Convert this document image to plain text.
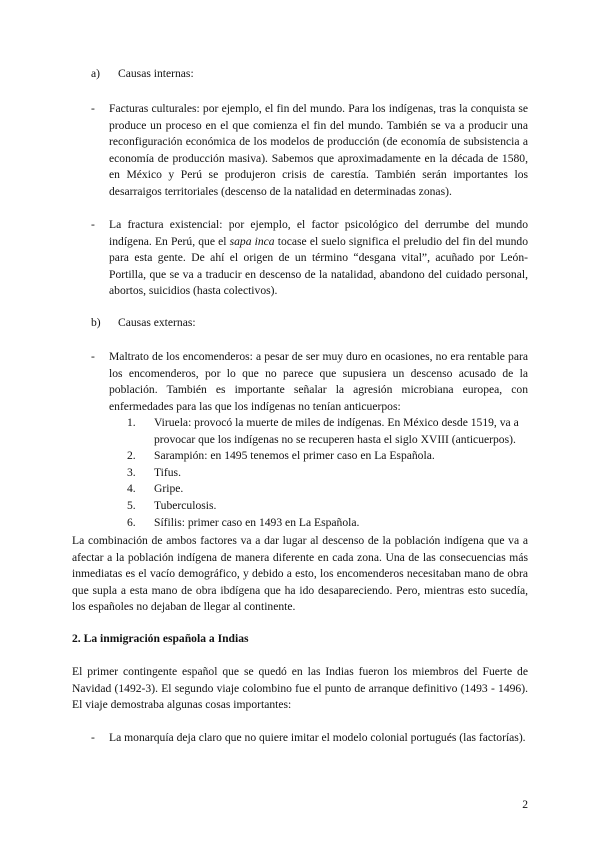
a) Causas internas:
- Facturas culturales: por ejemplo, el fin del mundo. Para los indígenas, tras la conquista se produce un proceso en el que comienza el fin del mundo. También se va a producir una reconfiguración económica de los modelos de producción (de economía de subsistencia a economía de producción masiva). Sabemos que aproximadamente en la década de 1580, en México y Perú se produjeron crisis de carestía. También serán importantes los desarraigos territoriales (descenso de la natalidad en determinadas zonas).
- La fractura existencial: por ejemplo, el factor psicológico del derrumbe del mundo indígena. En Perú, que el sapa inca tocase el suelo significa el preludio del fin del mundo para esta gente. De ahí el origen de un término “desgana vital”, acuñado por León-Portilla, que se va a traducir en descenso de la natalidad, abandono del cuidado personal, abortos, suicidios (hasta colectivos).
b) Causas externas:
- Maltrato de los encomenderos: a pesar de ser muy duro en ocasiones, no era rentable para los encomenderos, por lo que no parece que supusiera un descenso acusado de la población. También es importante señalar la agresión microbiana europea, con enfermedades para las que los indígenas no tenían anticuerpos:
1. Viruela: provocó la muerte de miles de indígenas. En México desde 1519, va a provocar que los indígenas no se recuperen hasta el siglo XVIII (anticuerpos).
2. Sarampión: en 1495 tenemos el primer caso en La Española.
3. Tifus.
4. Gripe.
5. Tuberculosis.
6. Sífilis: primer caso en 1493 en La Española.
La combinación de ambos factores va a dar lugar al descenso de la población indígena que va a afectar a la población indígena de manera diferente en cada zona. Una de las consecuencias más inmediatas es el vacío demográfico, y debido a esto, los encomenderos necesitaban mano de obra que supla a esta mano de obra ibdígena que ha ido desapareciendo. Pero, mientras esto sucedía, los españoles no dejaban de llegar al continente.
2. La inmigración española a Indias
El primer contingente español que se quedó en las Indias fueron los miembros del Fuerte de Navidad (1492-3). El segundo viaje colombino fue el punto de arranque definitivo (1493 - 1496). El viaje demostraba algunas cosas importantes:
- La monarquía deja claro que no quiere imitar el modelo colonial portugués (las factorías).
2
